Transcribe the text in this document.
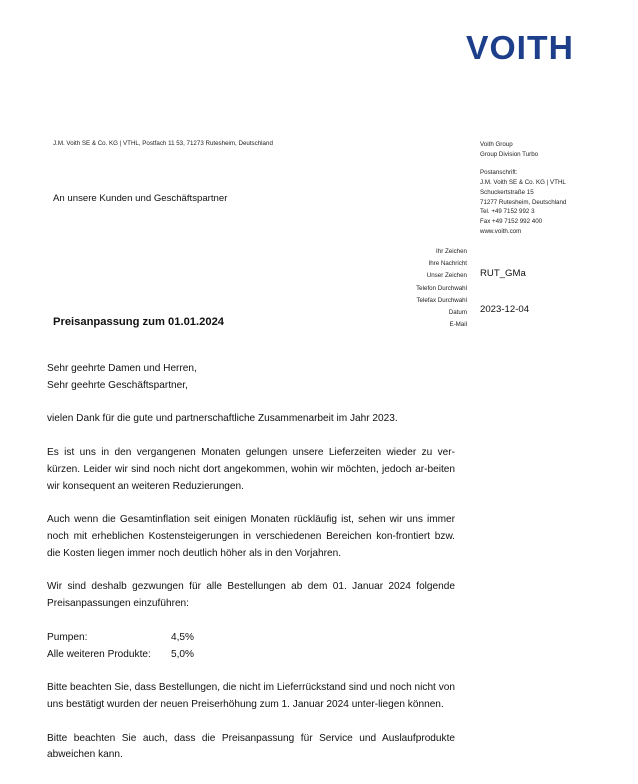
VOITH
J.M. Voith SE & Co. KG | VTHL, Postfach 11 53, 71273 Rutesheim, Deutschland
An unsere Kunden und Geschäftspartner
Voith Group
Group Division Turbo
Postanschrift:
J.M. Voith SE & Co. KG | VTHL
Schuckertstraße 15
71277 Rutesheim, Deutschland
Tel. +49 7152 992 3
Fax +49 7152 992 400
www.voith.com
Ihr Zeichen
Ihre Nachricht
Unser Zeichen
Telefon Durchwahl
Telefax Durchwahl
Datum
E-Mail
RUT_GMa
2023-12-04
Preisanpassung zum 01.01.2024

Sehr geehrte Damen und Herren,

Sehr geehrte Geschäftspartner,

vielen Dank für die gute und partnerschaftliche Zusammenarbeit im Jahr 2023.

Es ist uns in den vergangenen Monaten gelungen unsere Lieferzeiten wieder zu ver-kürzen. Leider wir sind noch nicht dort angekommen, wohin wir möchten, jedoch ar-beiten wir konsequent an weiteren Reduzierungen.

Auch wenn die Gesamtinflation seit einigen Monaten rückläufig ist, sehen wir uns immer noch mit erheblichen Kostensteigerungen in verschiedenen Bereichen kon-frontiert bzw. die Kosten liegen immer noch deutlich höher als in den Vorjahren.

Wir sind deshalb gezwungen für alle Bestellungen ab dem 01. Januar 2024 folgende Preisanpassungen einzuführen:

Pumpen:	4,5%
Alle weiteren Produkte:	5,0%

Bitte beachten Sie, dass Bestellungen, die nicht im Lieferrückstand sind und noch nicht von uns bestätigt wurden der neuen Preiserhöhung zum 1. Januar 2024 unter-liegen können.

Bitte beachten Sie auch, dass die Preisanpassung für Service und Auslaufprodukte abweichen kann.
